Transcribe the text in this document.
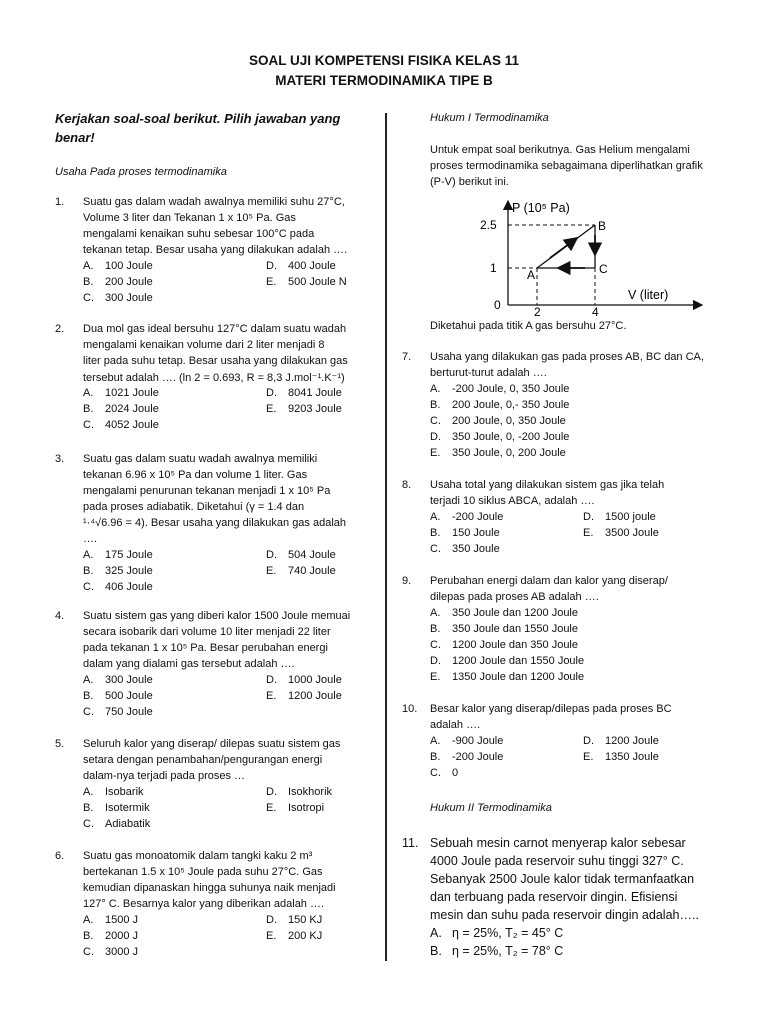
SOAL UJI KOMPETENSI FISIKA KELAS 11
MATERI TERMODINAMIKA TIPE B
Kerjakan soal-soal berikut. Pilih jawaban yang benar!
Usaha Pada proses termodinamika
1. Suatu gas dalam wadah awalnya memiliki suhu 27°C,
Volume 3 liter dan Tekanan 1 x 10⁵ Pa. Gas
mengalami kenaikan suhu sebesar 100°C pada
tekanan tetap. Besar usaha yang dilakukan adalah ….
A. 100 Joule	D. 400 Joule
B. 200 Joule	E. 500 Joule N
C. 300 Joule
2. Dua mol gas ideal bersuhu 127°C dalam suatu wadah
mengalami kenaikan volume dari 2 liter menjadi 8
liter pada suhu tetap. Besar usaha yang dilakukan gas
tersebut adalah …. (ln 2 = 0.693, R = 8,3 J.mol⁻¹.K⁻¹)
A. 1021 Joule	D. 8041 Joule
B. 2024 Joule	E. 9203 Joule
C. 4052 Joule
3. Suatu gas dalam suatu wadah awalnya memiliki
tekanan 6.96 x 10⁵ Pa dan volume 1 liter. Gas
mengalami penurunan tekanan menjadi 1 x 10⁵ Pa
pada proses adiabatik. Diketahui (γ = 1.4 dan
¹·⁴√6.96 = 4). Besar usaha yang dilakukan gas adalah
….
A. 175 Joule	D. 504 Joule
B. 325 Joule	E. 740 Joule
C. 406 Joule
4. Suatu sistem gas yang diberi kalor 1500 Joule memuai
secara isobarik dari volume 10 liter menjadi 22 liter
pada tekanan 1 x 10⁵ Pa. Besar perubahan energi
dalam yang dialami gas tersebut adalah ….
A. 300 Joule	D. 1000 Joule
B. 500 Joule	E. 1200 Joule
C. 750 Joule
5. Seluruh kalor yang diserap/ dilepas suatu sistem gas
setara dengan penambahan/pengurangan energi
dalam-nya terjadi pada proses …
A. Isobarik	D. Isokhorik
B. Isotermik	E. Isotropi
C. Adiabatik
6. Suatu gas monoatomik dalam tangki kaku 2 m³
bertekanan 1.5 x 10⁵ Joule pada suhu 27°C. Gas
kemudian dipanaskan hingga suhunya naik menjadi
127° C. Besarnya kalor yang diberikan adalah ….
A. 1500 J	D. 150 KJ
B. 2000 J	E. 200 KJ
C. 3000 J
Hukum I Termodinamika
Untuk empat soal berikutnya. Gas Helium mengalami proses termodinamika sebagaimana diperlihatkan grafik (P-V) berikut ini.
P (10⁵ Pa)
V (liter)
2.5
1
0	2	4
A
B
C
Diketahui pada titik A gas bersuhu 27°C.
7. Usaha yang dilakukan gas pada proses AB, BC dan CA,
berturut-turut adalah ….
A. -200 Joule, 0, 350 Joule
B. 200 Joule, 0,- 350 Joule
C. 200 Joule, 0, 350 Joule
D. 350 Joule, 0, -200 Joule
E. 350 Joule, 0, 200 Joule
8. Usaha total yang dilakukan sistem gas jika telah
terjadi 10 siklus ABCA, adalah ….
A. -200 Joule	D. 1500 joule
B. 150 Joule	E. 3500 Joule
C. 350 Joule
9. Perubahan energi dalam dan kalor yang diserap/
dilepas pada proses AB adalah ….
A. 350 Joule dan 1200 Joule
B. 350 Joule dan 1550 Joule
C. 1200 Joule dan 350 Joule
D. 1200 Joule dan 1550 Joule
E. 1350 Joule dan 1200 Joule
10. Besar kalor yang diserap/dilepas pada proses BC
adalah ….
A. -900 Joule	D. 1200 Joule
B. -200 Joule	E. 1350 Joule
C. 0
Hukum II Termodinamika
11. Sebuah mesin carnot menyerap kalor sebesar
4000 Joule pada reservoir suhu tinggi 327° C.
Sebanyak 2500 Joule kalor tidak termanfaatkan
dan terbuang pada reservoir dingin. Efisiensi
mesin dan suhu pada reservoir dingin adalah…..
A. η = 25%, T₂ = 45° C
B. η = 25%, T₂ = 78° C
